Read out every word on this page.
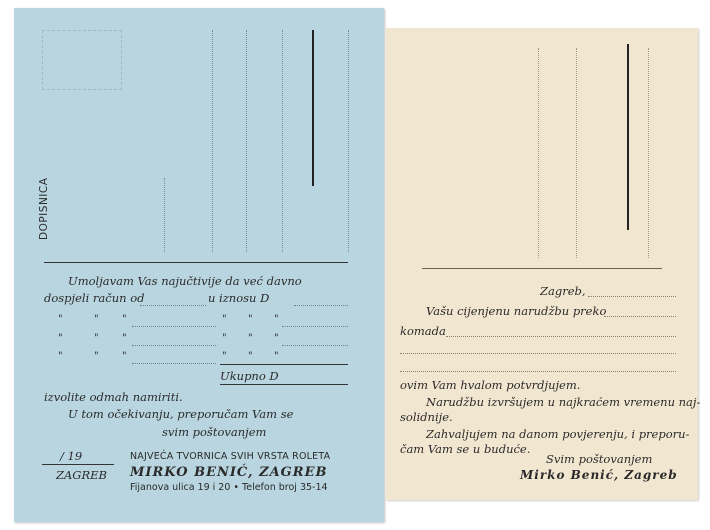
DOPISNICA
Umoljavam Vas najučtivije da već davno
dospjeli račun od	u iznosu D
"	" "	" " "
"	" "	" " "
"	" "	" " "
Ukupno D
izvolite odmah namiriti.
U tom očekivanju, preporučam Vam se
svim poštovanjem
/ 19
ZAGREB
NAJVEĆA TVORNICA SVIH VRSTA ROLETA
MIRKO BENIĆ, ZAGREB
Fijanova ulica 19 i 20 • Telefon broj 35-14
Zagreb,
Vašu cijenjenu narudžbu preko
komada
ovim Vam hvalom potvrdjujem.
Narudžbu izvršujem u najkraćem vremenu naj-
solidnije.
Zahvaljujem na danom povjerenju, i preporu-
čam Vam se u buduće.
Svim poštovanjem
Mirko Benić, Zagreb
